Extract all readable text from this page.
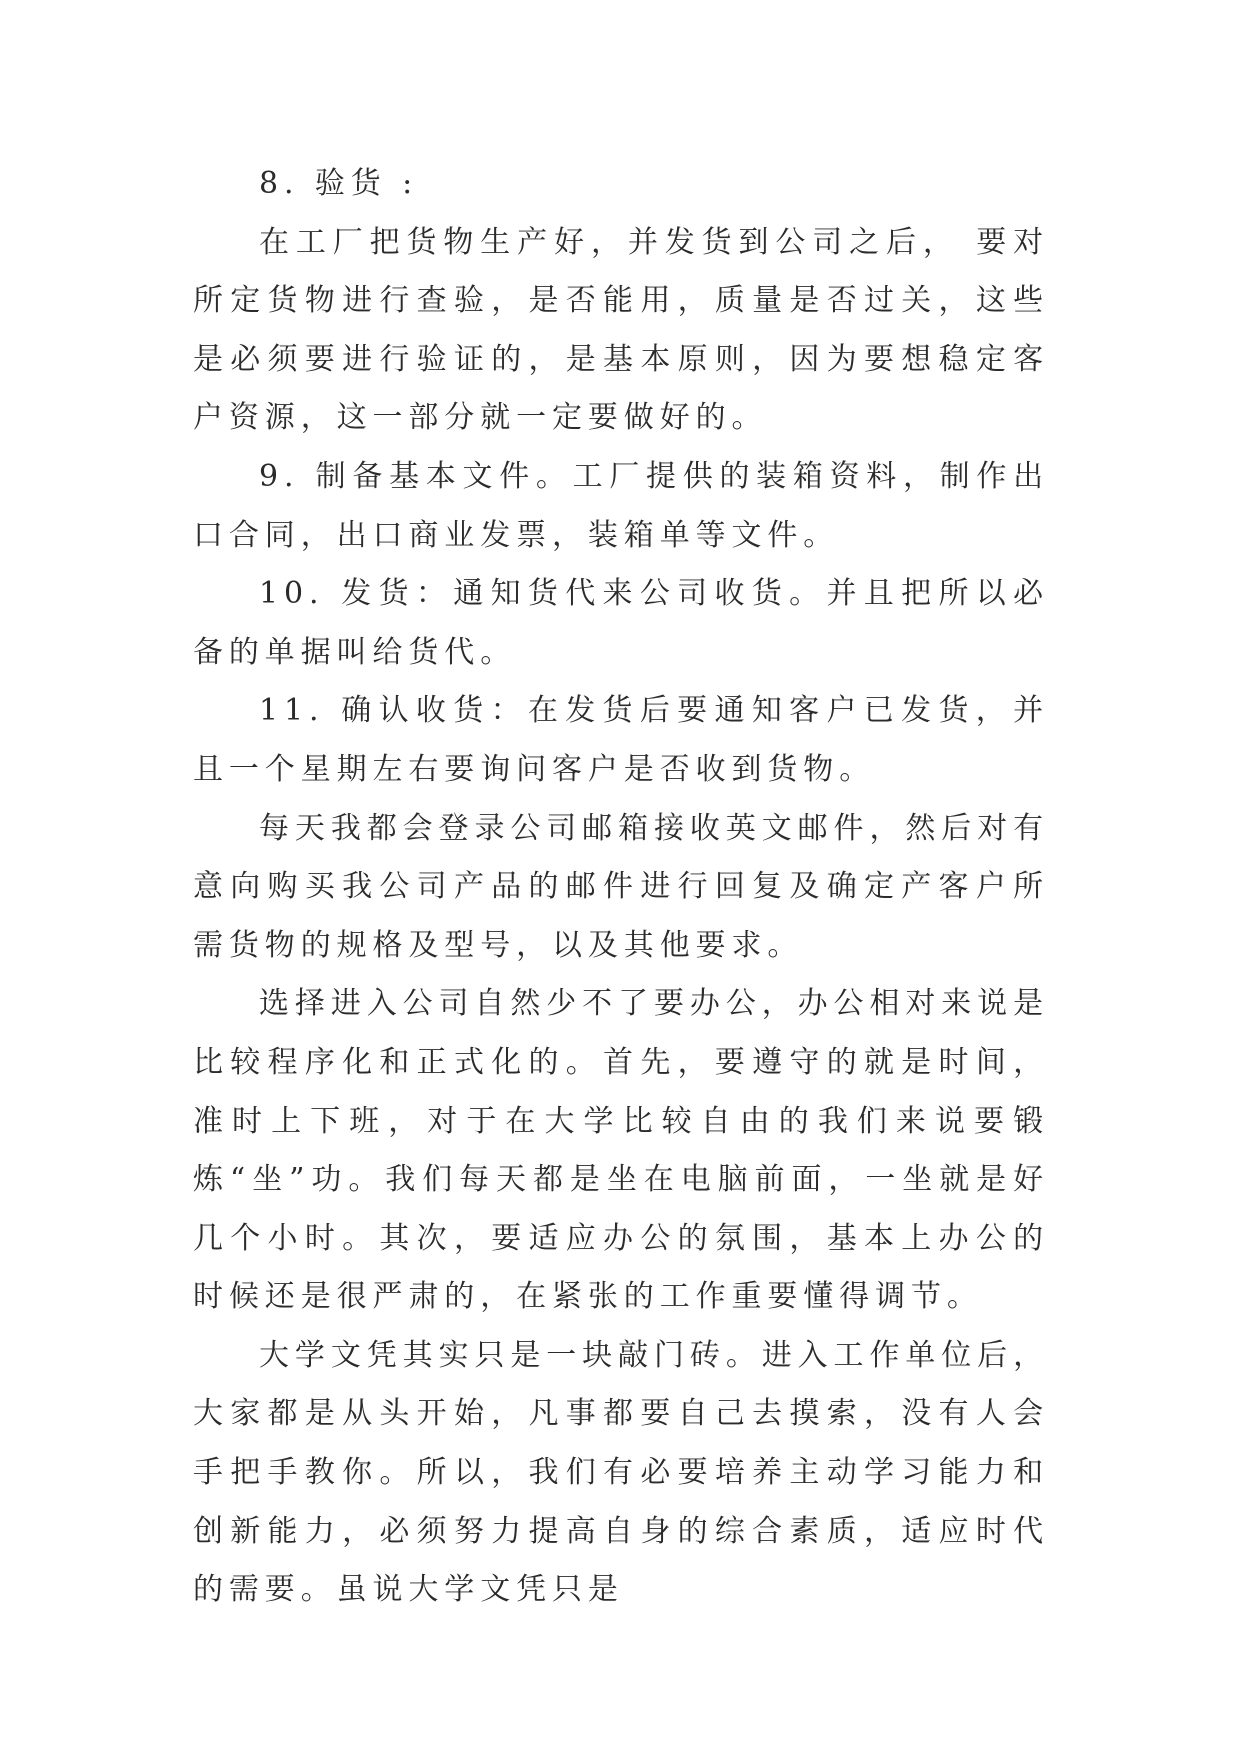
8. 验货 :

在工厂把货物生产好，并发货到公司之后， 要对所定货物进行查验，是否能用，质量是否过关，这些是必须要进行验证的，是基本原则，因为要想稳定客户资源，这一部分就一定要做好的。

9. 制备基本文件。工厂提供的装箱资料，制作出口合同，出口商业发票，装箱单等文件。

10. 发货：通知货代来公司收货。并且把所以必备的单据叫给货代。

11. 确认收货：在发货后要通知客户已发货，并且一个星期左右要询问客户是否收到货物。

每天我都会登录公司邮箱接收英文邮件，然后对有意向购买我公司产品的邮件进行回复及确定产客户所需货物的规格及型号，以及其他要求。

选择进入公司自然少不了要办公，办公相对来说是比较程序化和正式化的。首先，要遵守的就是时间，准时上下班，对于在大学比较自由的我们来说要锻炼“坐”功。我们每天都是坐在电脑前面，一坐就是好几个小时。其次，要适应办公的氛围，基本上办公的时候还是很严肃的，在紧张的工作重要懂得调节。

大学文凭其实只是一块敲门砖。进入工作单位后，大家都是从头开始，凡事都要自己去摸索，没有人会手把手教你。所以，我们有必要培养主动学习能力和创新能力，必须努力提高自身的综合素质，适应时代的需要。虽说大学文凭只是
